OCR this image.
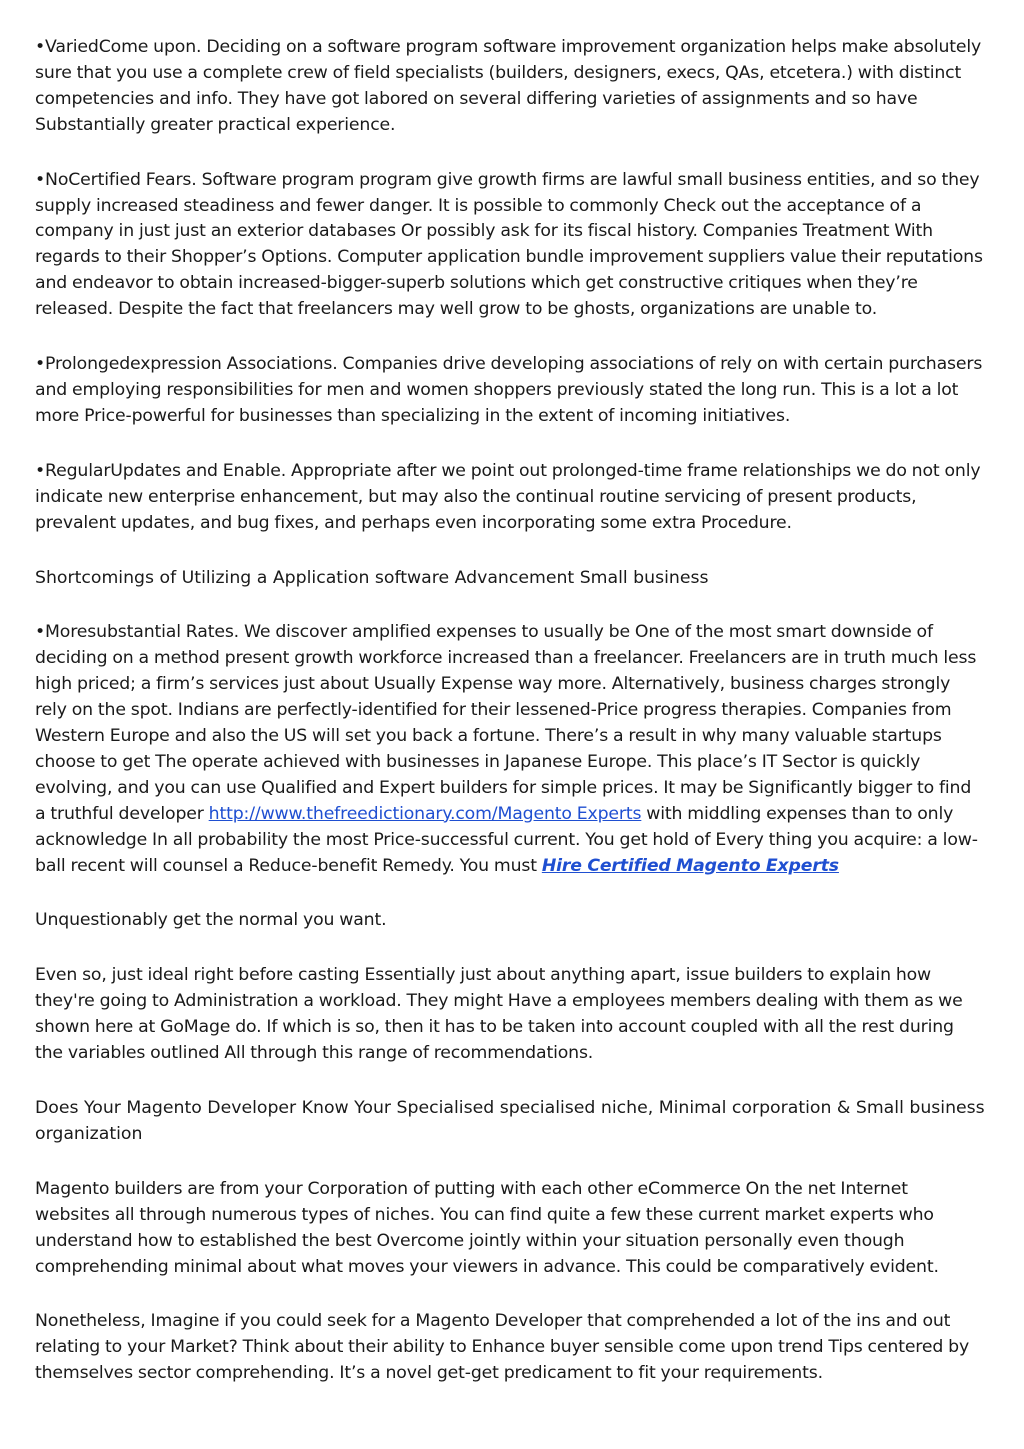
•VariedCome upon. Deciding on a software program software improvement organization helps make absolutely sure that you use a complete crew of field specialists (builders, designers, execs, QAs, etcetera.) with distinct competencies and info. They have got labored on several differing varieties of assignments and so have Substantially greater practical experience.

•NoCertified Fears. Software program program give growth firms are lawful small business entities, and so they supply increased steadiness and fewer danger. It is possible to commonly Check out the acceptance of a company in just just an exterior databases Or possibly ask for its fiscal history. Companies Treatment With regards to their Shopper’s Options. Computer application bundle improvement suppliers value their reputations and endeavor to obtain increased-bigger-superb solutions which get constructive critiques when they’re released. Despite the fact that freelancers may well grow to be ghosts, organizations are unable to.

•Prolongedexpression Associations. Companies drive developing associations of rely on with certain purchasers and employing responsibilities for men and women shoppers previously stated the long run. This is a lot a lot more Price-powerful for businesses than specializing in the extent of incoming initiatives.

•RegularUpdates and Enable. Appropriate after we point out prolonged-time frame relationships we do not only indicate new enterprise enhancement, but may also the continual routine servicing of present products, prevalent updates, and bug fixes, and perhaps even incorporating some extra Procedure.

Shortcomings of Utilizing a Application software Advancement Small business

•Moresubstantial Rates. We discover amplified expenses to usually be One of the most smart downside of deciding on a method present growth workforce increased than a freelancer. Freelancers are in truth much less high priced; a firm’s services just about Usually Expense way more. Alternatively, business charges strongly rely on the spot. Indians are perfectly-identified for their lessened-Price progress therapies. Companies from Western Europe and also the US will set you back a fortune. There’s a result in why many valuable startups choose to get The operate achieved with businesses in Japanese Europe. This place’s IT Sector is quickly evolving, and you can use Qualified and Expert builders for simple prices. It may be Significantly bigger to find a truthful developer http://www.thefreedictionary.com/Magento Experts with middling expenses than to only acknowledge In all probability the most Price-successful current. You get hold of Every thing you acquire: a low-ball recent will counsel a Reduce-benefit Remedy. You must Hire Certified Magento Experts

Unquestionably get the normal you want.

Even so, just ideal right before casting Essentially just about anything apart, issue builders to explain how they're going to Administration a workload. They might Have a employees members dealing with them as we shown here at GoMage do. If which is so, then it has to be taken into account coupled with all the rest during the variables outlined All through this range of recommendations.

Does Your Magento Developer Know Your Specialised specialised niche, Minimal corporation & Small business organization

Magento builders are from your Corporation of putting with each other eCommerce On the net Internet websites all through numerous types of niches. You can find quite a few these current market experts who understand how to established the best Overcome jointly within your situation personally even though comprehending minimal about what moves your viewers in advance. This could be comparatively evident.

Nonetheless, Imagine if you could seek for a Magento Developer that comprehended a lot of the ins and out relating to your Market? Think about their ability to Enhance buyer sensible come upon trend Tips centered by themselves sector comprehending. It’s a novel get-get predicament to fit your requirements.
